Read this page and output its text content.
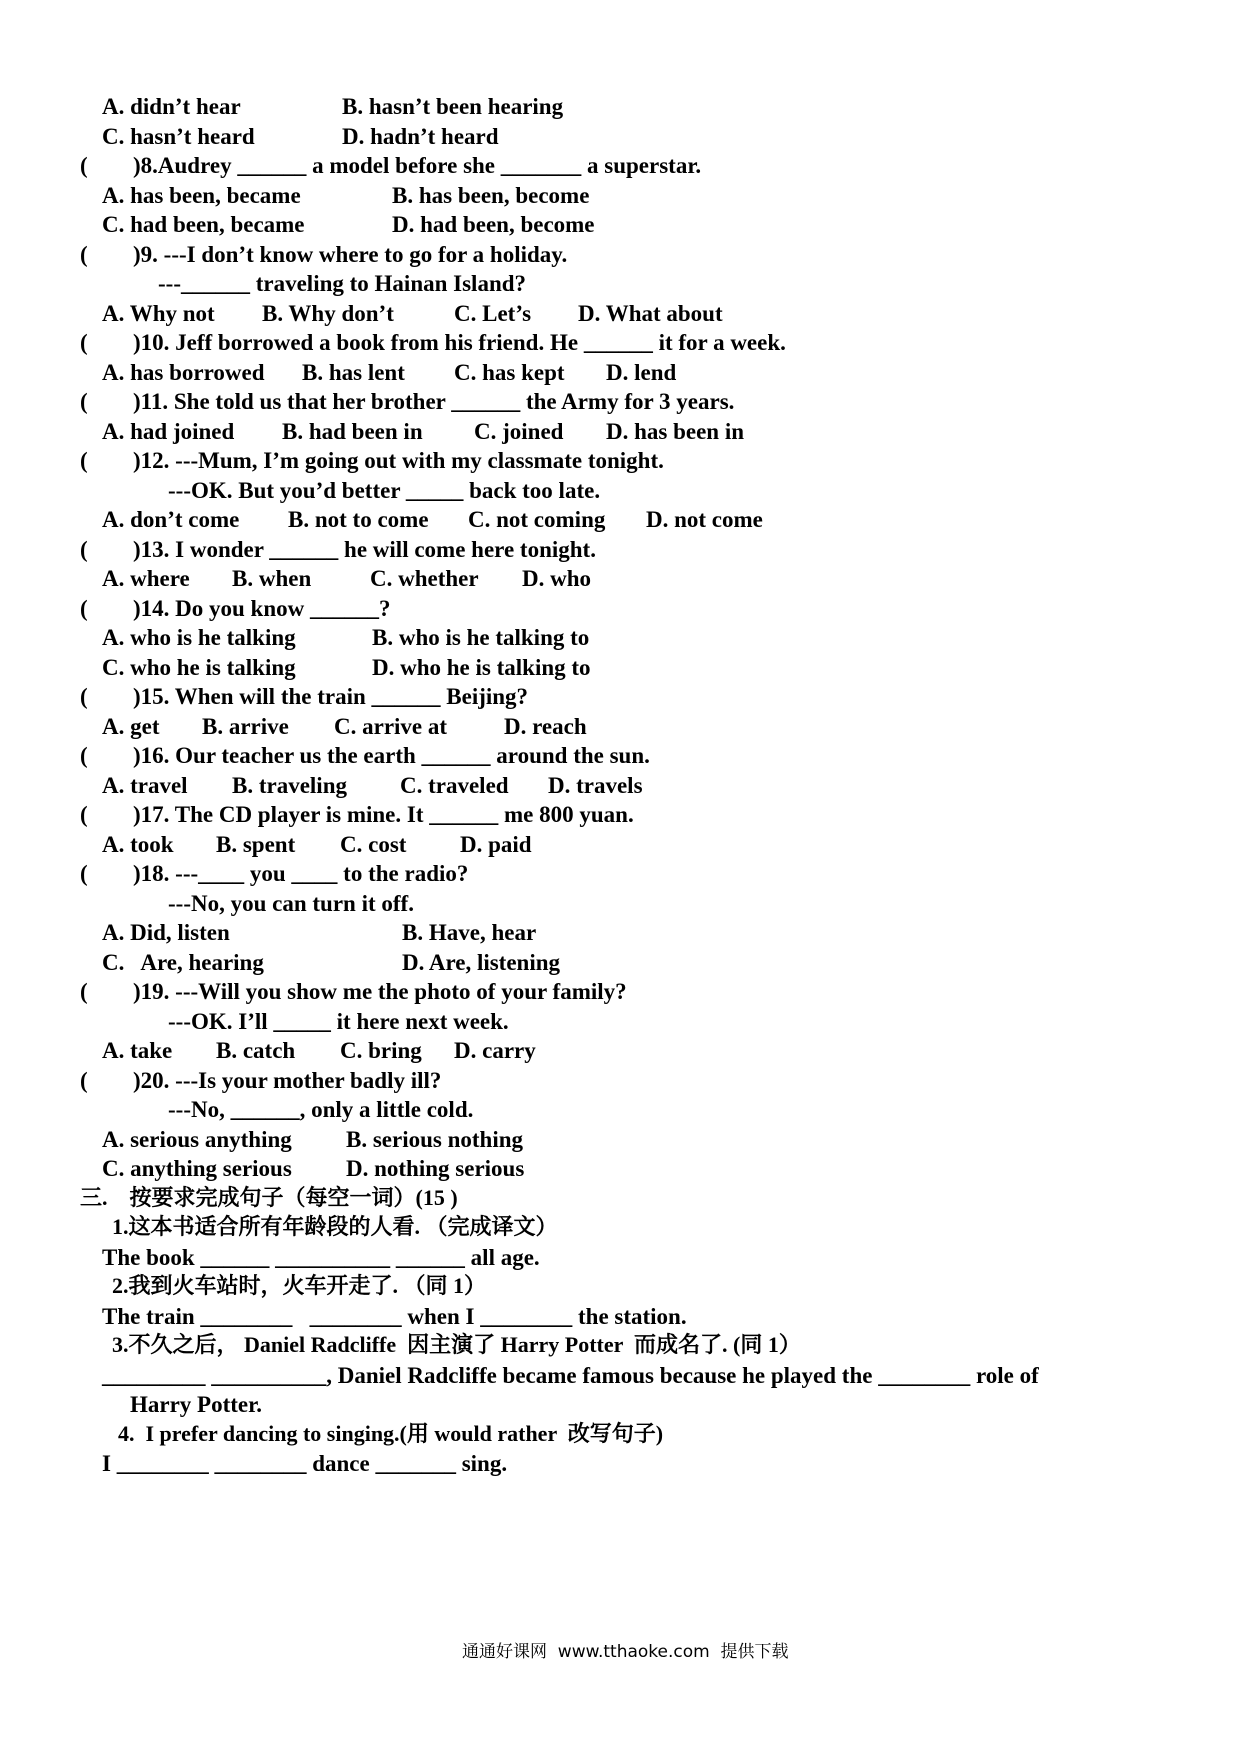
A. didn’t hear	B. hasn’t been hearing
C. hasn’t heard	D. hadn’t heard
( )8.Audrey ______ a model before she _______ a superstar.
A. has been, became	B. has been, become
C. had been, became	D. had been, become
( )9. ---I don’t know where to go for a holiday.
---______ traveling to Hainan Island?
A. Why not B. Why don’t	C. Let’s D. What about
( )10. Jeff borrowed a book from his friend. He ______ it for a week.
A. has borrowed B. has lent C. has kept D. lend
( )11. She told us that her brother ______ the Army for 3 years.
A. had joined B. had been in C. joined D. has been in
( )12. ---Mum, I’m going out with my classmate tonight.
---OK. But you’d better _____ back too late.
A. don’t come B. not to come C. not coming D. not come
( )13. I wonder ______ he will come here tonight.
A. where B. when	C. whether D. who
( )14. Do you know ______?
A. who is he talking	B. who is he talking to
C. who he is talking	D. who he is talking to
( )15. When will the train ______ Beijing?
A. get B. arrive C. arrive at D. reach
( )16. Our teacher us the earth ______ around the sun.
A. travel B. traveling C. traveled D. travels
( )17. The CD player is mine. It ______ me 800 yuan.
A. took B. spent C. cost D. paid
( )18. ---____ you ____ to the radio?
---No, you can turn it off.
A. Did, listen	B. Have, hear
C.   Are, hearing	D. Are, listening
( )19. ---Will you show me the photo of your family?
---OK. I’ll _____ it here next week.
A. take B. catch C. bring D. carry
( )20. ---Is your mother badly ill?
---No, ______, only a little cold.
A. serious anything B. serious nothing
C. anything serious D. nothing serious
三.    按要求完成句子（每空一词）(15 )
1.这本书适合所有年龄段的人看. （完成译文）
The book ______ __________ ______ all age.
2.我到火车站时，火车开走了. （同 1）
The train ________   ________ when I ________ the station.
3.不久之后， Daniel Radcliffe  因主演了 Harry Potter  而成名了. (同 1）
_________ __________, Daniel Radcliffe became famous because he played the ________ role of
Harry Potter.
4.  I prefer dancing to singing.(用 would rather  改写句子)
I ________ ________ dance _______ sing.
通通好课网  www.tthaoke.com  提供下载
